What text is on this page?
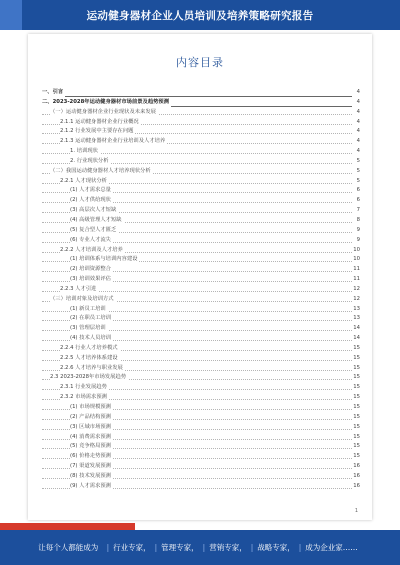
运动健身器材企业人员培训及培养策略研究报告
内容目录
一、引言	4
二、2023-2028年运动健身器材市场前景及趋势预测	4
（一）运动健身器材企业行业现状及未来发展	4
2.1.1 运动健身器材企业行业概况	4
2.1.2 行业发展中主要存在问题	4
2.1.3 运动健身器材企业行业培训及人才培养	4
1. 培训现状	4
2. 行业现状分析	5
（二）我国运动健身器材人才培养现状分析	5
2.2.1 人才现状分析	5
(1) 人才需求总量	6
(2) 人才供给现状	6
(3) 高层次人才短缺	7
(4) 高级管理人才短缺	8
(5) 复合型人才匮乏	9
(6) 专业人才流失	9
2.2.2 人才培训及人才培养	10
(1) 培训体系与培训内容建设	10
(2) 培训资源整合	11
(3) 培训效果评估	11
2.2.3 人才引进	12
（三）培训对象及培训方式	12
(1) 新员工培训	13
(2) 在职员工培训	13
(3) 管理层培训	14
(4) 技术人员培训	14
2.2.4 行业人才培养模式	15
2.2.5 人才培养体系建设	15
2.2.6 人才培养与职业发展	15
2.3 2023-2028年市场发展趋势	15
2.3.1 行业发展趋势	15
2.3.2 市场需求预测	15
(1) 市场规模预测	15
(2) 产品结构预测	15
(3) 区域市场预测	15
(4) 消费需求预测	15
(5) 竞争格局预测	15
(6) 价格走势预测	15
(7) 渠道发展预测	16
(8) 技术发展预测	16
(9) 人才需求预测	16
1
让每个人都能成为 | 行业专家， | 管理专家， | 营销专家， | 战略专家， | 成为企业家……
